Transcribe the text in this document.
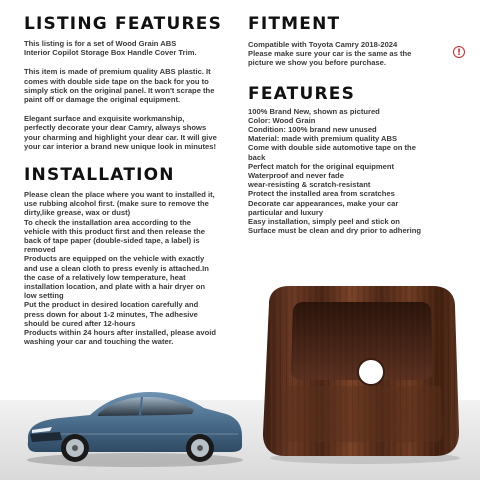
LISTING FEATURES

This listing is for a set of Wood Grain ABS
Interior Copilot Storage Box Handle Cover Trim.

This item is made of premium quality ABS plastic. It
comes with double side tape on the back for you to
simply stick on the original panel. It won't scrape the
paint off or damage the original equipment.

Elegant surface and exquisite workmanship,
perfectly decorate your dear Camry, always shows
your charming and highlight your dear car. It will give
your car interior a brand new unique look in minutes!

INSTALLATION

Please clean the place where you want to installed it,
use rubbing alcohol first. (make sure to remove the
dirty,like grease, wax or dust)
To check the installation area according to the
vehicle with this product first and then release the
back of tape paper (double-sided tape, a label) is
removed
Products are equipped on the vehicle with exactly
and use a clean cloth to press evenly is attached.In
the case of a relatively low temperature, heat
installation location, and plate with a hair dryer on
low setting
Put the product in desired location carefully and
press down for about 1-2 minutes, The adhesive
should be cured after 12-hours
Products within 24 hours after installed, please avoid
washing your car and touching the water.

FITMENT

Compatible with Toyota Camry 2018-2024
Please make sure your car is the same as the
picture we show you before purchase.

FEATURES

100% Brand New, shown as pictured
Color: Wood Grain
Condition: 100% brand new unused
Material: made with premium quality ABS
Come with double side automotive tape on the
back
Perfect match for the original equipment
Waterproof and never fade
wear-resisting & scratch-resistant
Protect the installed area from scratches
Decorate car appearances, make your car
particular and luxury
Easy installation, simply peel and stick on
Surface must be clean and dry prior to adhering

!
